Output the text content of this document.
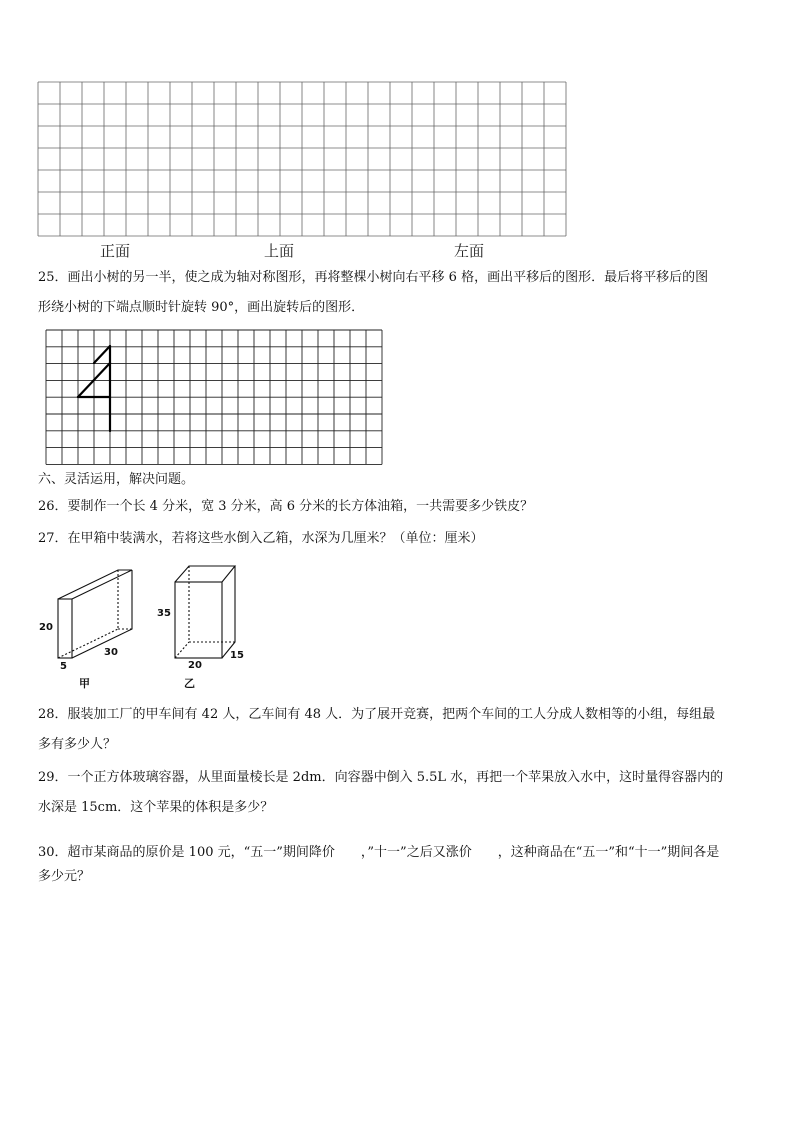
正面	上面	左面
25．画出小树的另一半，使之成为轴对称图形，再将整棵小树向右平移 6 格，画出平移后的图形．最后将平移后的图
形绕小树的下端点顺时针旋转 90°，画出旋转后的图形．
六、灵活运用，解决问题。
26．要制作一个长 4 分米，宽 3 分米，高 6 分米的长方体油箱，一共需要多少铁皮？
27．在甲箱中装满水，若将这些水倒入乙箱，水深为几厘米？（单位：厘米）
20
5
30
甲
35
20
15
乙
28．服装加工厂的甲车间有 42 人，乙车间有 48 人．为了展开竞赛，把两个车间的工人分成人数相等的小组，每组最
多有多少人？
29．一个正方体玻璃容器，从里面量棱长是 2dm．向容器中倒入 5.5L 水，再把一个苹果放入水中，这时量得容器内的
水深是 15cm．这个苹果的体积是多少？
30．超市某商品的原价是 100 元，“五一”期间降价　　，”十一”之后又涨价　　，这种商品在“五一”和“十一”期间各是
多少元？
